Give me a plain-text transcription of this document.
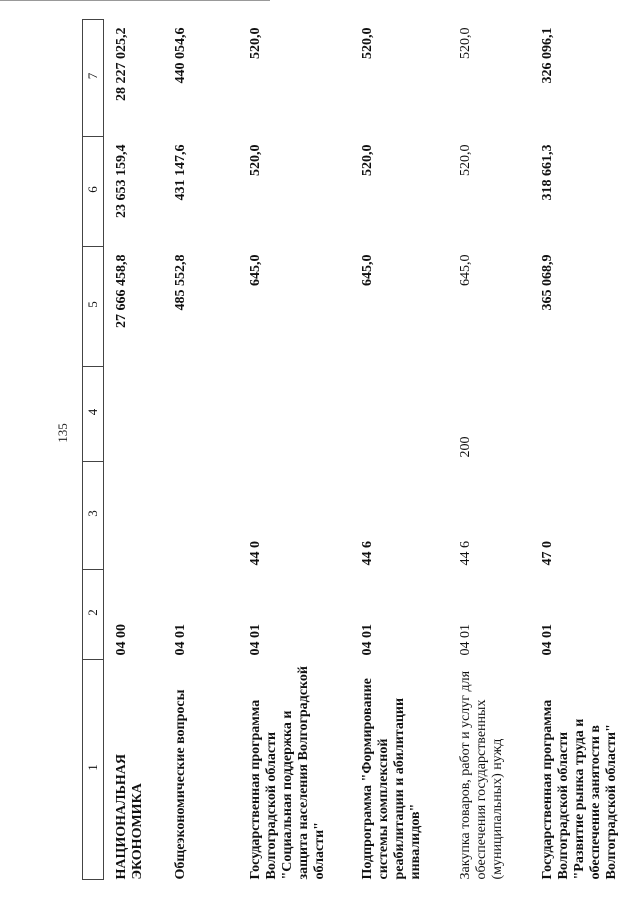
135
1	2	3	4	5	6	7
НАЦИОНАЛЬНАЯ ЭКОНОМИКА	04 00			27 666 458,8	23 653 159,4	28 227 025,2
Общеэкономические вопросы	04 01			485 552,8	431 147,6	440 054,6
Государственная программа Волгоградской области "Социальная поддержка и защита населения Волгоградской области"	04 01	44 0		645,0	520,0	520,0
Подпрограмма "Формирование системы комплексной реабилитации и абилитации инвалидов"	04 01	44 6		645,0	520,0	520,0
Закупка товаров, работ и услуг для обеспечения государственных (муниципальных) нужд	04 01	44 6	200	645,0	520,0	520,0
Государственная программа Волгоградской области "Развитие рынка труда и обеспечение занятости в Волгоградской области"	04 01	47 0		365 068,9	318 661,3	326 096,1
